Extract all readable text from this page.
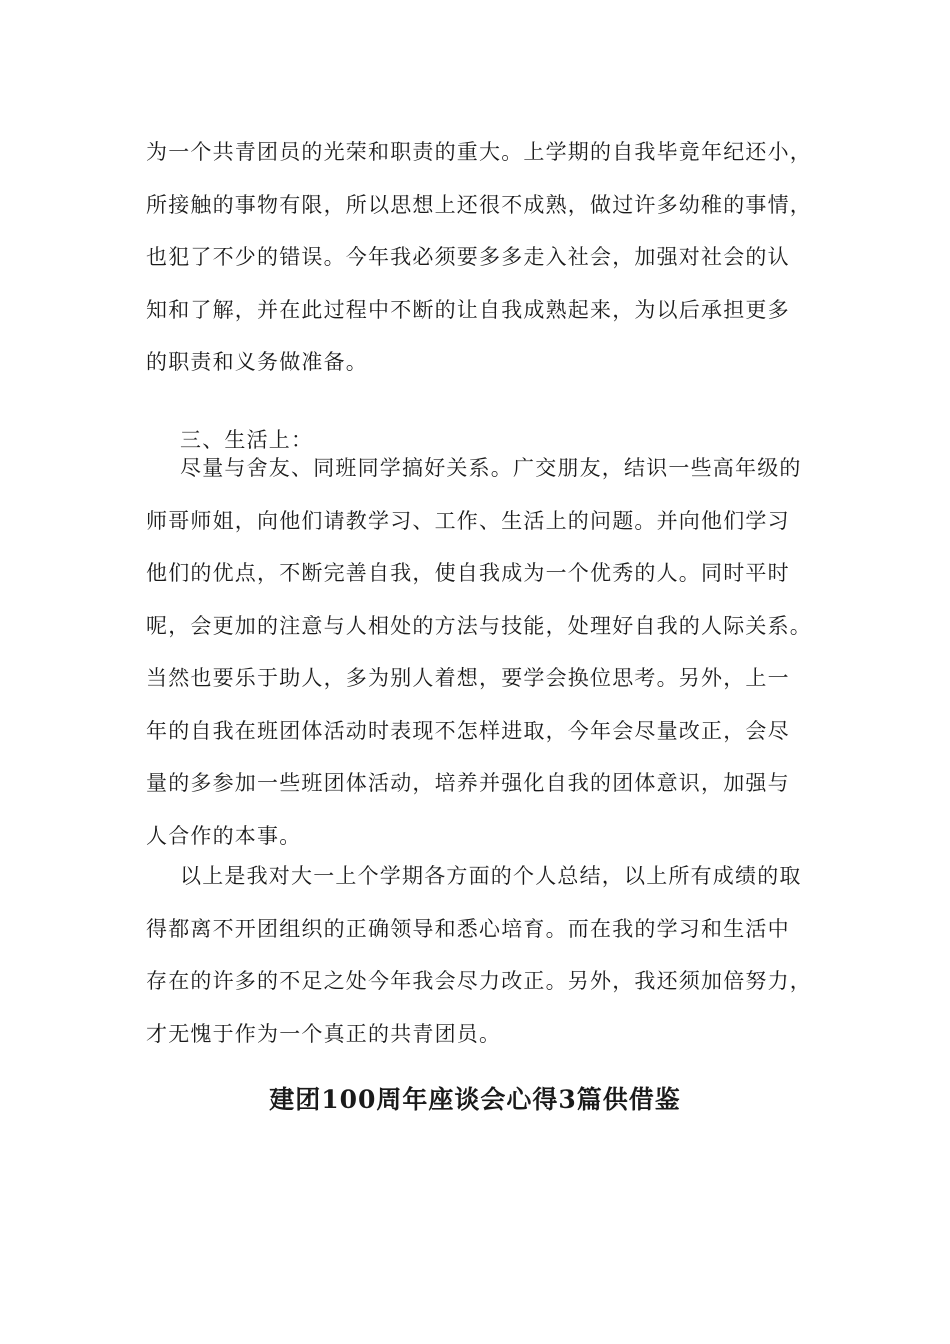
为一个共青团员的光荣和职责的重大。上学期的自我毕竟年纪还小，
所接触的事物有限，所以思想上还很不成熟，做过许多幼稚的事情，
也犯了不少的错误。今年我必须要多多走入社会，加强对社会的认
知和了解，并在此过程中不断的让自我成熟起来，为以后承担更多
的职责和义务做准备。
三、生活上：
尽量与舍友、同班同学搞好关系。广交朋友，结识一些高年级的
师哥师姐，向他们请教学习、工作、生活上的问题。并向他们学习
他们的优点，不断完善自我，使自我成为一个优秀的人。同时平时
呢，会更加的注意与人相处的方法与技能，处理好自我的人际关系。
当然也要乐于助人，多为别人着想，要学会换位思考。另外，上一
年的自我在班团体活动时表现不怎样进取，今年会尽量改正，会尽
量的多参加一些班团体活动，培养并强化自我的团体意识，加强与
人合作的本事。
以上是我对大一上个学期各方面的个人总结，以上所有成绩的取
得都离不开团组织的正确领导和悉心培育。而在我的学习和生活中
存在的许多的不足之处今年我会尽力改正。另外，我还须加倍努力，
才无愧于作为一个真正的共青团员。
建团100周年座谈会心得3篇供借鉴
